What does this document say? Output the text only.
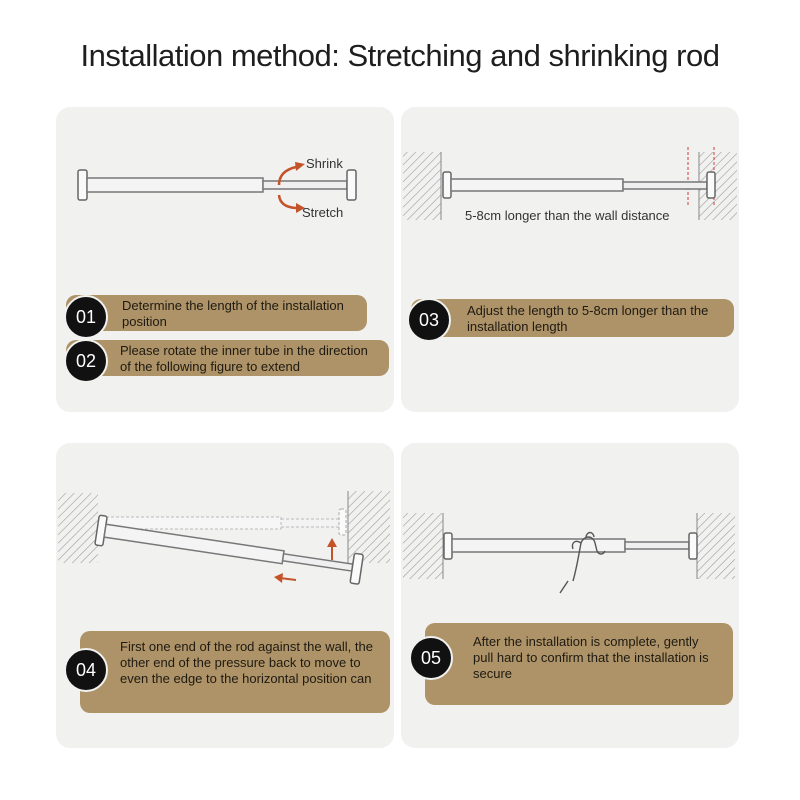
Installation method: Stretching and shrinking rod
Shrink
Stretch
Determine the length of the installation position
01
Please rotate the inner tube in the direction of the following figure to extend
02
5-8cm longer than the wall distance
Adjust the length to 5-8cm longer than the installation length
03
First one end of the rod against the wall, the other end of the pressure back to move to even the edge to the horizontal position can
04
After the installation is complete, gently pull hard to confirm that the installation is secure
05
